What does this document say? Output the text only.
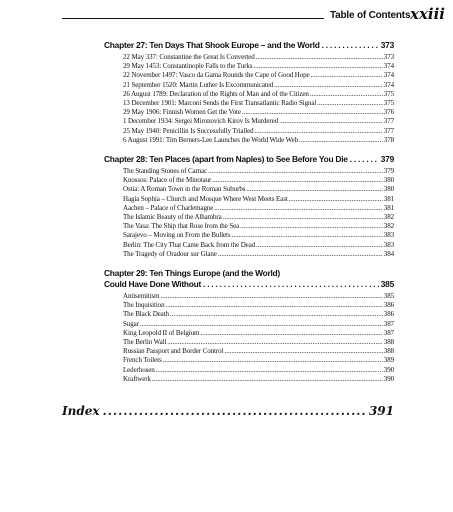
Table of Contents xxiii
Chapter 27: Ten Days That Shook Europe – and the World . . .	373
22 May 337: Constantine the Great Is Converted .....	373
29 May 1453: Constantinople Falls to the Turks .....	374
22 November 1497: Vasco da Gama Rounds the Cape of Good Hope .....	374
21 September 1520: Martin Luther Is Excommunicated .....	374
26 August 1789: Declaration of the Rights of Man and of the Citizen .....	375
13 December 1901: Marconi Sends the First Transatlantic Radio Signal .....	375
29 May 1906: Finnish Women Get the Vote .....	376
1 December 1934: Sergei Mironovich Kirov Is Murdered .....	377
25 May 1940: Penicillin Is Successfully Trialled .....	377
6 August 1991: Tim Berners-Lee Launches the World Wide Web .....	378
Chapter 28: Ten Places (apart from Naples) to See Before You Die . . .	379
The Standing Stones of Carnac .....	379
Knossos: Palace of the Minotaur .....	380
Ostia: A Roman Town in the Roman Suburbs .....	380
Hagia Sophia – Church and Mosque Where West Meets East .....	381
Aachen – Palace of Charlemagne .....	381
The Islamic Beauty of the Alhambra .....	382
The Vasa: The Ship that Rose from the Sea .....	382
Sarajevo – Moving on From the Bullets .....	383
Berlin: The City That Came Back from the Dead .....	383
The Tragedy of Oradour sur Glane .....	384
Chapter 29: Ten Things Europe (and the World)
Could Have Done Without . . .	385
Antisemitism .....	385
The Inquisition .....	386
The Black Death .....	386
Sugar .....	387
King Leopold II of Belgium .....	387
The Berlin Wall .....	388
Russian Passport and Border Control .....	388
French Toilets .....	389
Lederhosen .....	390
Kraftwerk .....	390
Index .....	391
